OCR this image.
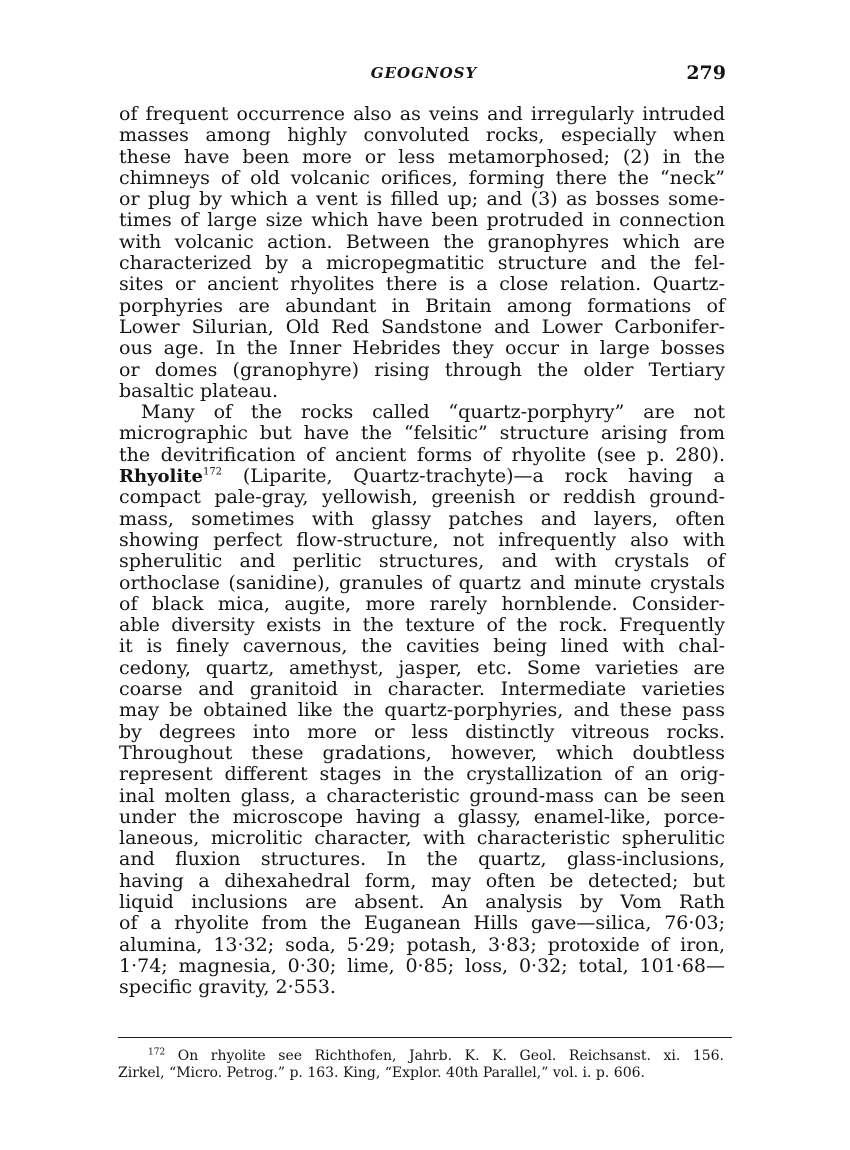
GEOGNOSY	279
of frequent occurrence also as veins and irregularly intruded
masses among highly convoluted rocks, especially when
these have been more or less metamorphosed; (2) in the
chimneys of old volcanic orifices, forming there the “neck”
or plug by which a vent is filled up; and (3) as bosses some-
times of large size which have been protruded in connection
with volcanic action. Between the granophyres which are
characterized by a micropegmatitic structure and the fel-
sites or ancient rhyolites there is a close relation. Quartz-
porphyries are abundant in Britain among formations of
Lower Silurian, Old Red Sandstone and Lower Carbonifer-
ous age. In the Inner Hebrides they occur in large bosses
or domes (granophyre) rising through the older Tertiary
basaltic plateau.
Many of the rocks called “quartz-porphyry” are not
micrographic but have the “felsitic” structure arising from
the devitrification of ancient forms of rhyolite (see p. 280).
Rhyolite$^{172}$ (Liparite, Quartz-trachyte)—a rock having a
compact pale-gray, yellowish, greenish or reddish ground-
mass, sometimes with glassy patches and layers, often
showing perfect flow-structure, not infrequently also with
spherulitic and perlitic structures, and with crystals of
orthoclase (sanidine), granules of quartz and minute crystals
of black mica, augite, more rarely hornblende. Consider-
able diversity exists in the texture of the rock. Frequently
it is finely cavernous, the cavities being lined with chal-
cedony, quartz, amethyst, jasper, etc. Some varieties are
coarse and granitoid in character. Intermediate varieties
may be obtained like the quartz-porphyries, and these pass
by degrees into more or less distinctly vitreous rocks.
Throughout these gradations, however, which doubtless
represent different stages in the crystallization of an orig-
inal molten glass, a characteristic ground-mass can be seen
under the microscope having a glassy, enamel-like, porce-
laneous, microlitic character, with characteristic spherulitic
and fluxion structures. In the quartz, glass-inclusions,
having a dihexahedral form, may often be detected; but
liquid inclusions are absent. An analysis by Vom Rath
of a rhyolite from the Euganean Hills gave—silica, 76·03;
alumina, 13·32; soda, 5·29; potash, 3·83; protoxide of iron,
1·74; magnesia, 0·30; lime, 0·85; loss, 0·32; total, 101·68—
specific gravity, 2·553.
$^{172}$ On rhyolite see Richthofen, Jahrb. K. K. Geol. Reichsanst. xi. 156.
Zirkel, “Micro. Petrog.” p. 163. King, “Explor. 40th Parallel,” vol. i. p. 606.
